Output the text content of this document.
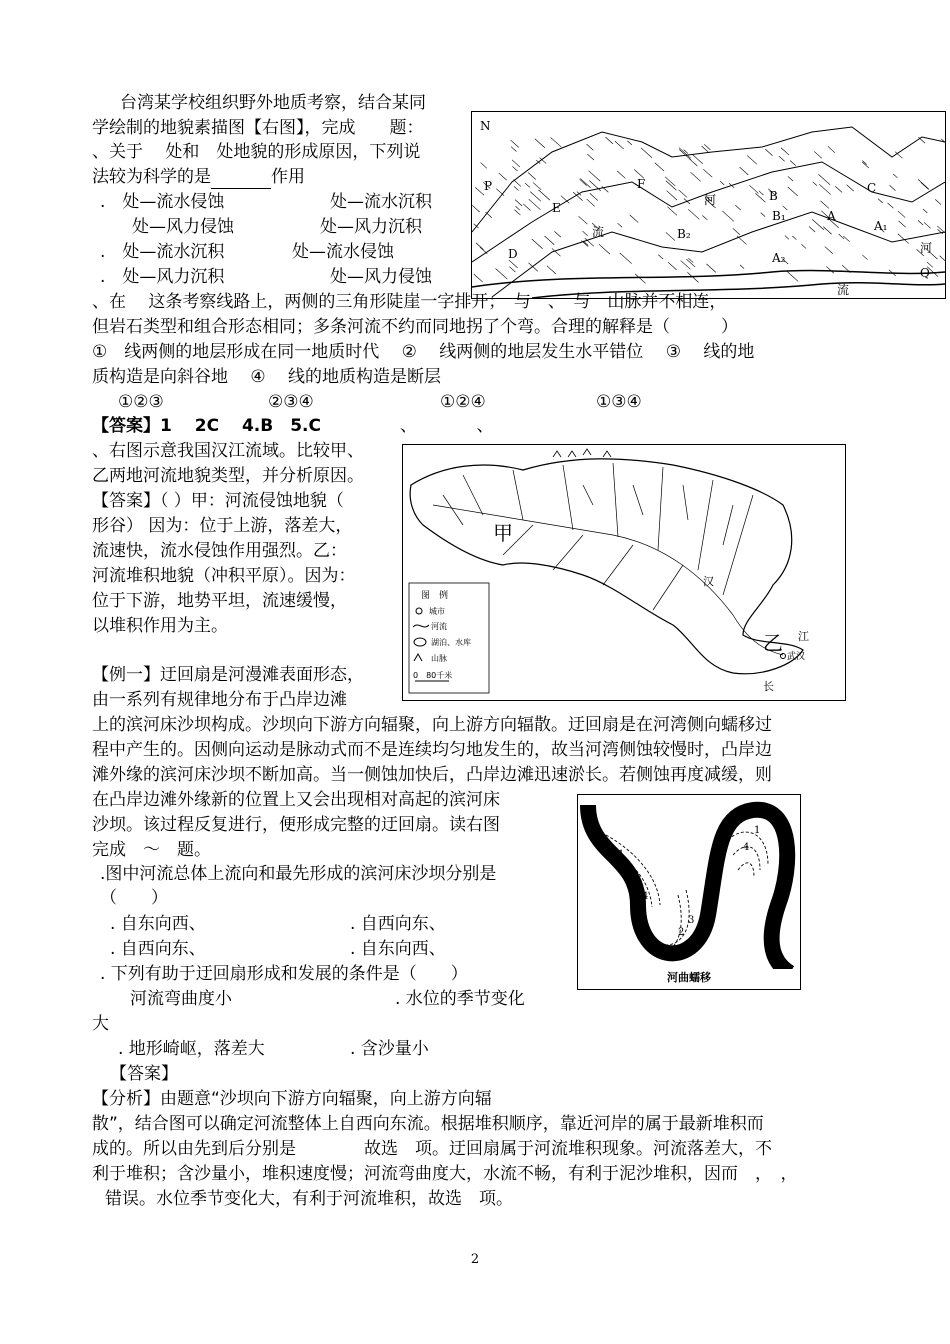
台湾某学校组织野外地质考察，结合某同
学绘制的地貌素描图【右图】，完成　　题：
、关于　 处和　处地貌的形成原因，下列说
法较为科学的是	作用
.　处—流水侵蚀	处—流水沉积
处—风力侵蚀	处—风力沉积
.　处—流水沉积	处—流水侵蚀
.　处—风力沉积	处—风力侵蚀
N
P
D
E
F	C
B
A
河
流
B₁
B₂
A₁
A₂
河
Q
流
、在　 这条考察线路上，两侧的三角形陡崖一字排开；　与　、　与　山脉并不相连，
但岩石类型和组合形态相同；多条河流不约而同地拐了个弯。合理的解释是（　　　）
①　线两侧的地层形成在同一地质时代　 ②　 线两侧的地层发生水平错位　 ③　 线的地
质构造是向斜谷地　 ④　 线的地质构造是断层
①②③	②③④	①②④	①③④
【答案】1　 2C　 4.B　5.C	、　　　　、
、右图示意我国汉江流域。比较甲、
乙两地河流地貌类型，并分析原因。
【答案】（ ）甲：河流侵蚀地貌（
形谷） 因为：位于上游，落差大，
流速快，流水侵蚀作用强烈。乙：
河流堆积地貌（冲积平原）。因为：
位于下游，地势平坦，流速缓慢，
以堆积作用为主。
甲
乙
汉
江
长
武汉
图　例
城市
河流
湖泊、水库
山脉
0　80千米
【例一】迂回扇是河漫滩表面形态，
由一系列有规律地分布于凸岸边滩
上的滨河床沙坝构成。沙坝向下游方向辐聚，向上游方向辐散。迂回扇是在河湾侧向蠕移过
程中产生的。因侧向运动是脉动式而不是连续均匀地发生的，故当河湾侧蚀较慢时，凸岸边
滩外缘的滨河床沙坝不断加高。当一侧蚀加快后，凸岸边滩迅速淤长。若侧蚀再度减缓，则
在凸岸边滩外缘新的位置上又会出现相对高起的滨河床
沙坝。该过程反复进行，便形成完整的迂回扇。读右图
完成　～　题。
.图中河流总体上流向和最先形成的滨河床沙坝分别是
（　　）
. 自东向西、	. 自西向东、
. 自西向东、	. 自东向西、
. 下列有助于迂回扇形成和发展的条件是（　　）
河流弯曲度小	. 水位的季节变化
大
. 地形崎岖，落差大	. 含沙量小
【答案】
【分析】由题意“沙坝向下游方向辐聚，向上游方向辐
散”，结合图可以确定河流整体上自西向东流。根据堆积顺序，靠近河岸的属于最新堆积而
成的。所以由先到后分别是　　　　故选　项。迂回扇属于河流堆积现象。河流落差大，不
利于堆积；含沙量小，堆积速度慢；河流弯曲度大，水流不畅，有利于泥沙堆积，因而　，　，
错误。水位季节变化大，有利于河流堆积，故选　项。
1
2
3
4
1
2
3
4
河曲蠕移
2
